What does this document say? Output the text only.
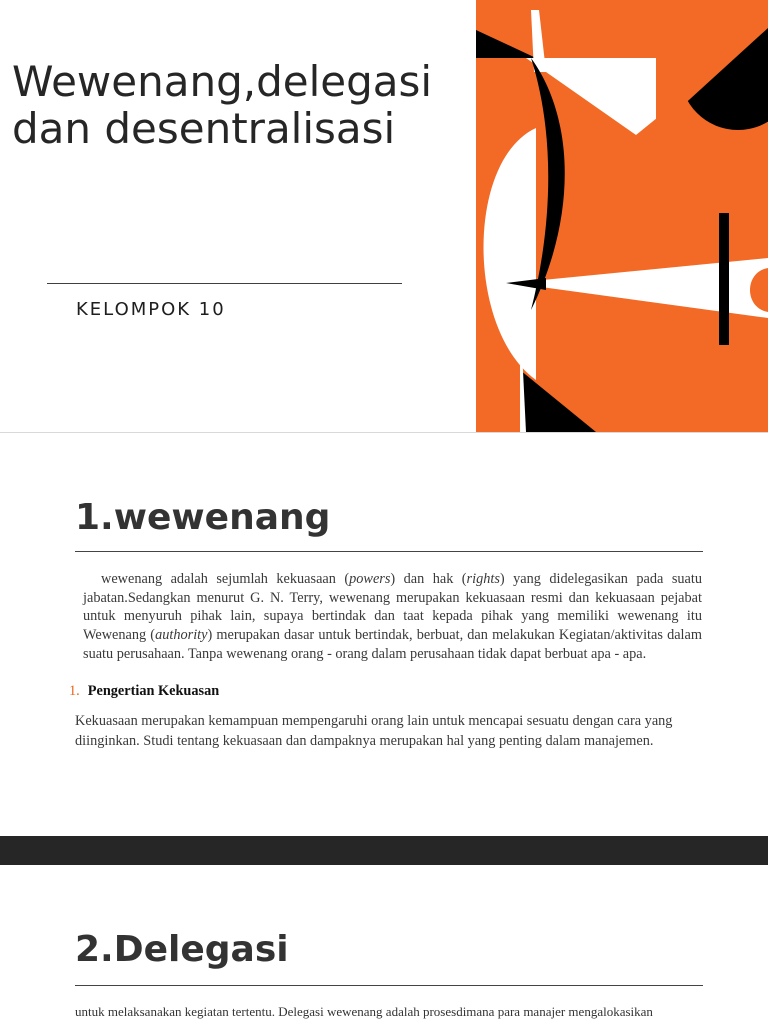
Wewenang,delegasi
dan desentralisasi
KELOMPOK 10
1.wewenang

wewenang adalah sejumlah kekuasaan (powers) dan hak (rights) yang didelegasikan pada suatu jabatan.Sedangkan menurut G. N. Terry, wewenang merupakan kekuasaan resmi dan kekuasaan pejabat untuk menyuruh pihak lain, supaya bertindak dan taat kepada pihak yang memiliki wewenang itu Wewenang (authority) merupakan dasar untuk bertindak, berbuat, dan melakukan Kegiatan/aktivitas dalam suatu perusahaan. Tanpa wewenang orang - orang dalam perusahaan tidak dapat berbuat apa - apa.

1. Pengertian Kekuasan

Kekuasaan merupakan kemampuan mempengaruhi orang lain untuk mencapai sesuatu dengan cara yang diinginkan. Studi tentang kekuasaan dan dampaknya merupakan hal yang penting dalam manajemen.

2.Delegasi

untuk melaksanakan kegiatan tertentu. Delegasi wewenang adalah prosesdimana para manajer mengalokasikan
